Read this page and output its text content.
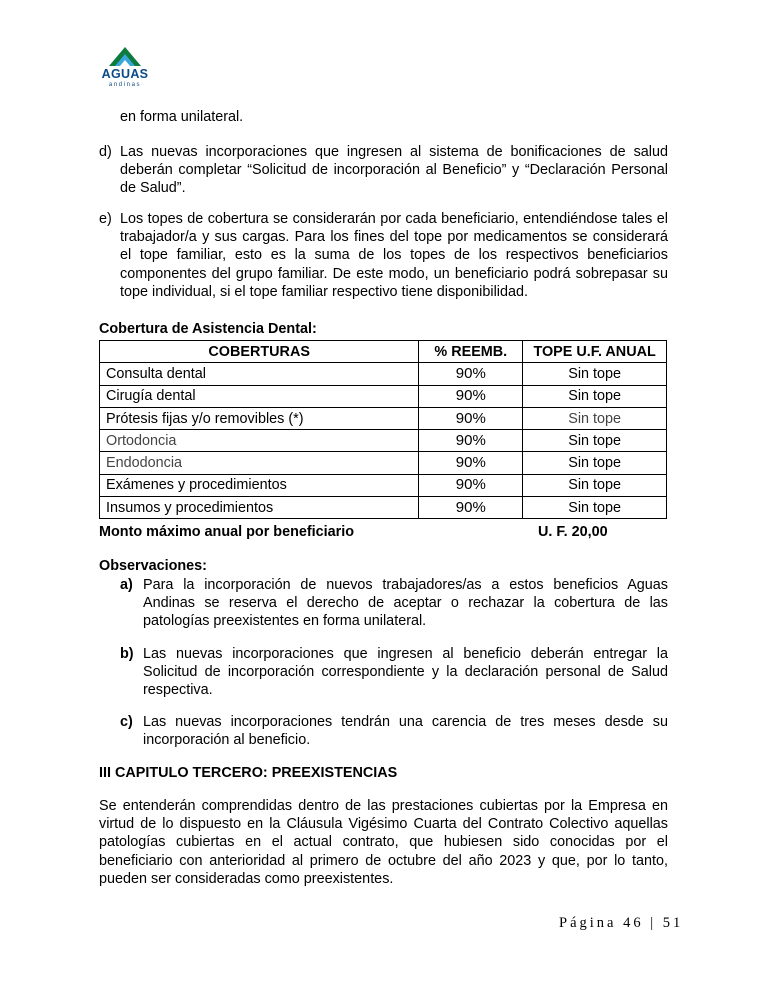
AGUAS
andinas
en forma unilateral.
d) Las nuevas incorporaciones que ingresen al sistema de bonificaciones de salud
deberán completar “Solicitud de incorporación al Beneficio” y “Declaración Personal
de Salud”.
e) Los topes de cobertura se considerarán por cada beneficiario, entendiéndose tales el
trabajador/a y sus cargas. Para los fines del tope por medicamentos se considerará
el tope familiar, esto es la suma de los topes de los respectivos beneficiarios
componentes del grupo familiar. De este modo, un beneficiario podrá sobrepasar su
tope individual, si el tope familiar respectivo tiene disponibilidad.
Cobertura de Asistencia Dental:
COBERTURAS	% REEMB.	TOPE U.F. ANUAL
Consulta dental	90%	Sin tope
Cirugía dental	90%	Sin tope
Prótesis fijas y/o removibles (*)	90%	Sin tope
Ortodoncia	90%	Sin tope
Endodoncia	90%	Sin tope
Exámenes y procedimientos	90%	Sin tope
Insumos y procedimientos	90%	Sin tope
Monto máximo anual por beneficiario	U. F. 20,00
Observaciones:
a) Para la incorporación de nuevos trabajadores/as a estos beneficios Aguas
Andinas se reserva el derecho de aceptar o rechazar la cobertura de las
patologías preexistentes en forma unilateral.
b) Las nuevas incorporaciones que ingresen al beneficio deberán entregar la
Solicitud de incorporación correspondiente y la declaración personal de Salud
respectiva.
c) Las nuevas incorporaciones tendrán una carencia de tres meses desde su
incorporación al beneficio.
III CAPITULO TERCERO: PREEXISTENCIAS
Se entenderán comprendidas dentro de las prestaciones cubiertas por la Empresa en
virtud de lo dispuesto en la Cláusula Vigésimo Cuarta del Contrato Colectivo aquellas
patologías cubiertas en el actual contrato, que hubiesen sido conocidas por el
beneficiario con anterioridad al primero de octubre del año 2023 y que, por lo tanto,
pueden ser consideradas como preexistentes.
Página 46 | 51
